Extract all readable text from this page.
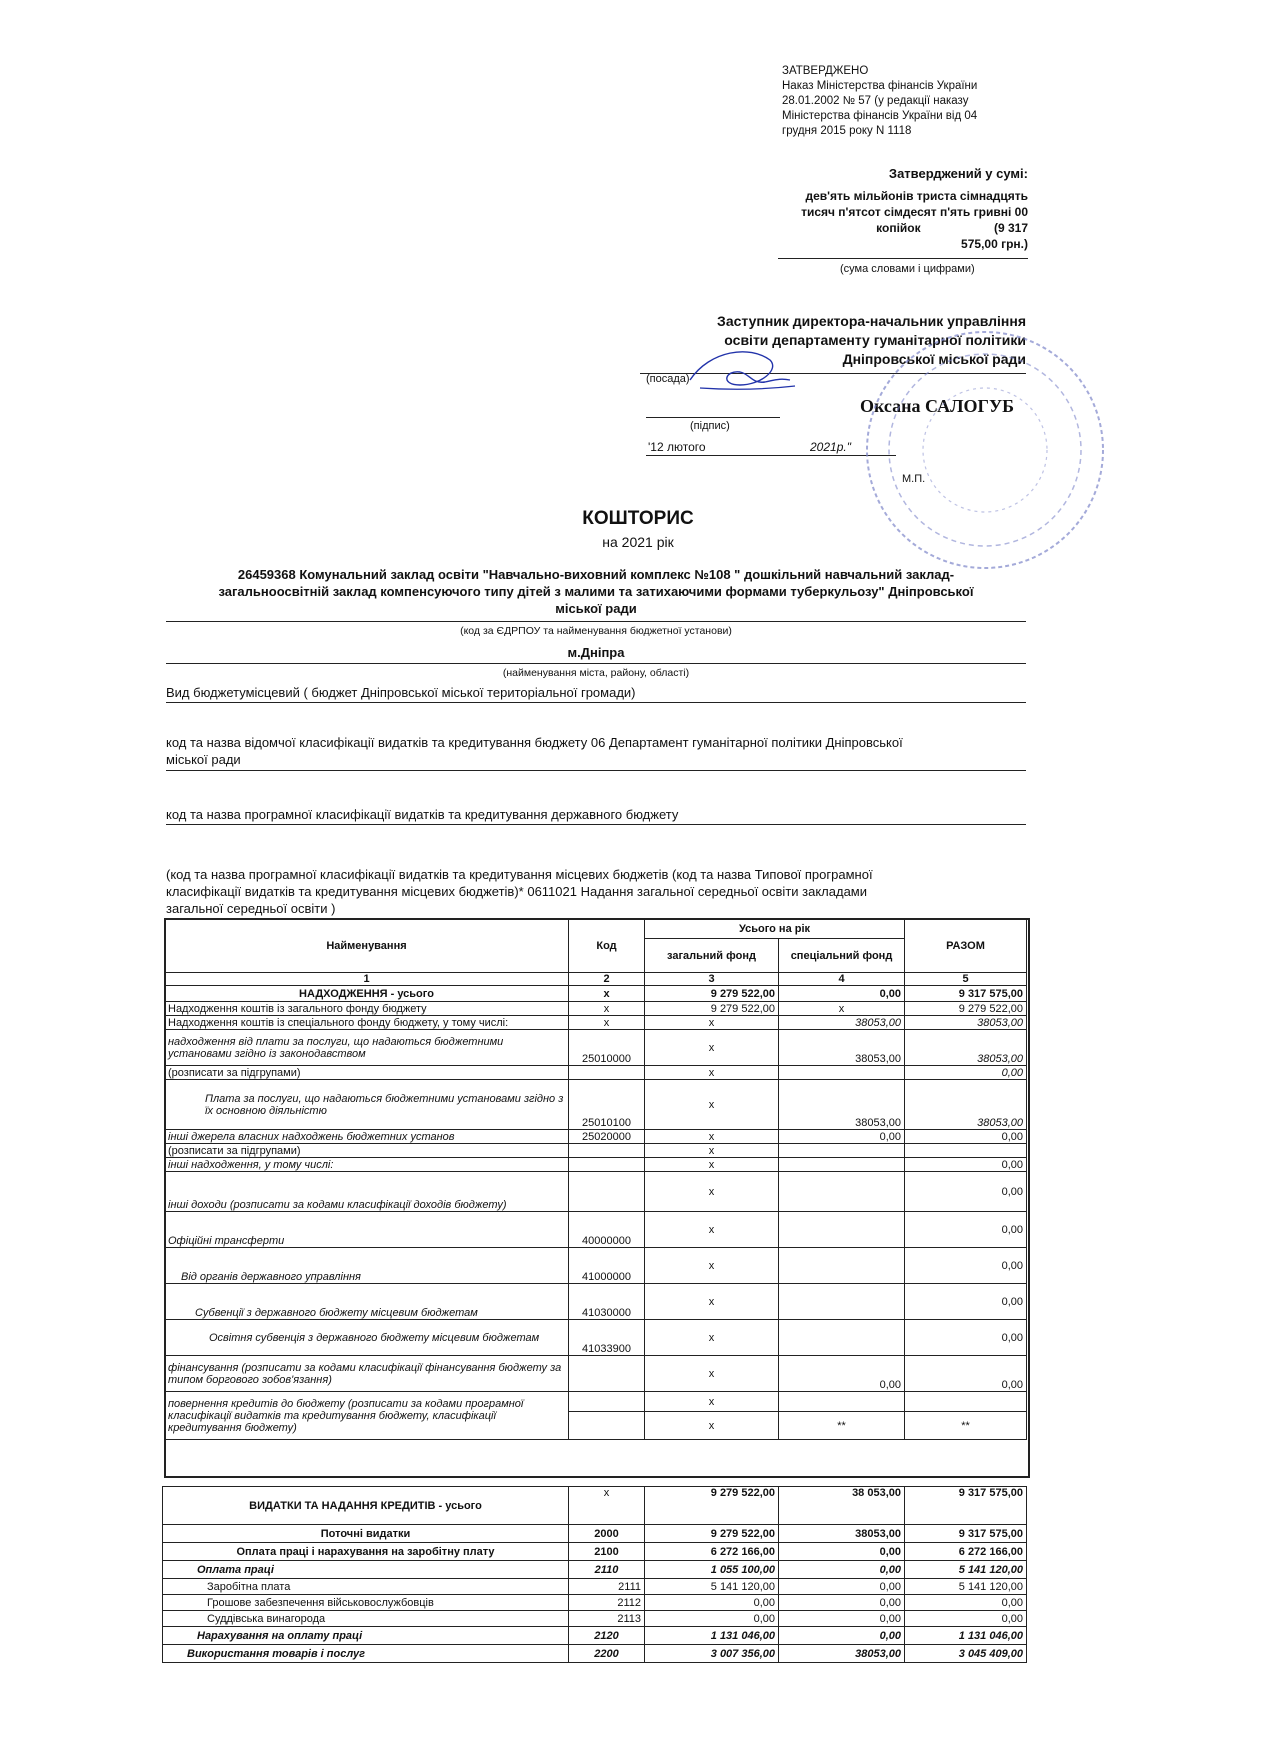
ЗАТВЕРДЖЕНО
Наказ Міністерства фінансів України
28.01.2002 № 57 (у редакції наказу
Міністерства фінансів України від 04
грудня 2015 року N 1118
Затверджений у сумі:
дев'ять мільйонів триста сімнадцять
тисяч п'ятсот сімдесят п'ять гривні 00
копійок                      (9 317
575,00 грн.)
(сума словами і цифрами)
Заступник директора-начальник управління
освіти департаменту гуманітарної політики
Дніпровської міської ради
(посада)
Оксана САЛОГУБ
(підпис)
'12 лютого	2021р."
М.П.
КОШТОРИС
на 2021 рік
26459368 Комунальний заклад освіти "Навчально-виховний комплекс №108 " дошкільний навчальний заклад-
загальноосвітній заклад компенсуючого типу дітей з малими та затихаючими формами туберкульозу" Дніпровської
міської ради
(код за ЄДРПОУ та найменування бюджетної установи)
м.Дніпра
(найменування міста, району, області)
Вид бюджетумісцевий ( бюджет Дніпровської міської територіальної громади)
код та назва відомчої класифікації видатків та кредитування бюджету 06 Департамент гуманітарної політики Дніпровської
міської ради
код та назва програмної класифікації видатків та кредитування державного бюджету
(код та назва програмної класифікації видатків та кредитування місцевих бюджетів (код та назва Типової програмної
класифікації видатків та кредитування місцевих бюджетів)* 0611021 Надання загальної середньої освіти закладами
загальної середньої освіти )
Найменування	Код	Усього на рік		РАЗОМ
		загальний фонд	спеціальний фонд	
1	2	3	4	5
НАДХОДЖЕННЯ - усього	х	9 279 522,00	0,00	9 317 575,00
Надходження коштів із загального фонду бюджету	х	9 279 522,00	х	9 279 522,00
Надходження коштів із спеціального фонду бюджету, у тому числі:	х	х	38053,00	38053,00
надходження від плати за послуги, що надаються бюджетними установами згідно із законодавством	25010000	х	38053,00	38053,00
(розписати за підгрупами)		х		0,00
Плата за послуги, що надаються бюджетними установами згідно з їх основною діяльністю	25010100	х	38053,00	38053,00
інші джерела власних надходжень бюджетних установ	25020000	х	0,00	0,00
(розписати за підгрупами)		х		
інші надходження, у тому числі:		х		0,00
інші доходи (розписати за кодами класифікації доходів бюджету)		х		0,00
Офіційні трансферти	40000000	х		0,00
Від органів державного управління	41000000	х		0,00
Субвенції з державного бюджету місцевим бюджетам	41030000	х		0,00
Освітня субвенція з державного бюджету місцевим бюджетам	41033900	х		0,00
фінансування (розписати за кодами класифікації фінансування бюджету за типом боргового зобов'язання)		х	0,00	0,00
повернення кредитів до бюджету (розписати за кодами програмної класифікації видатків та кредитування бюджету, класифікації кредитування бюджету)		х		
		х	**	**
ВИДАТКИ ТА НАДАННЯ КРЕДИТІВ - усього	х	9 279 522,00	38 053,00	9 317 575,00
Поточні видатки	2000	9 279 522,00	38053,00	9 317 575,00
Оплата праці і нарахування на заробітну плату	2100	6 272 166,00	0,00	6 272 166,00
Оплата праці	2110	1 055 100,00	0,00	5 141 120,00
Заробітна плата	2111	5 141 120,00	0,00	5 141 120,00
Грошове забезпечення військовослужбовців	2112	0,00	0,00	0,00
Суддівська винагорода	2113	0,00	0,00	0,00
Нарахування на оплату праці	2120	1 131 046,00	0,00	1 131 046,00
Використання товарів і послуг	2200	3 007 356,00	38053,00	3 045 409,00
